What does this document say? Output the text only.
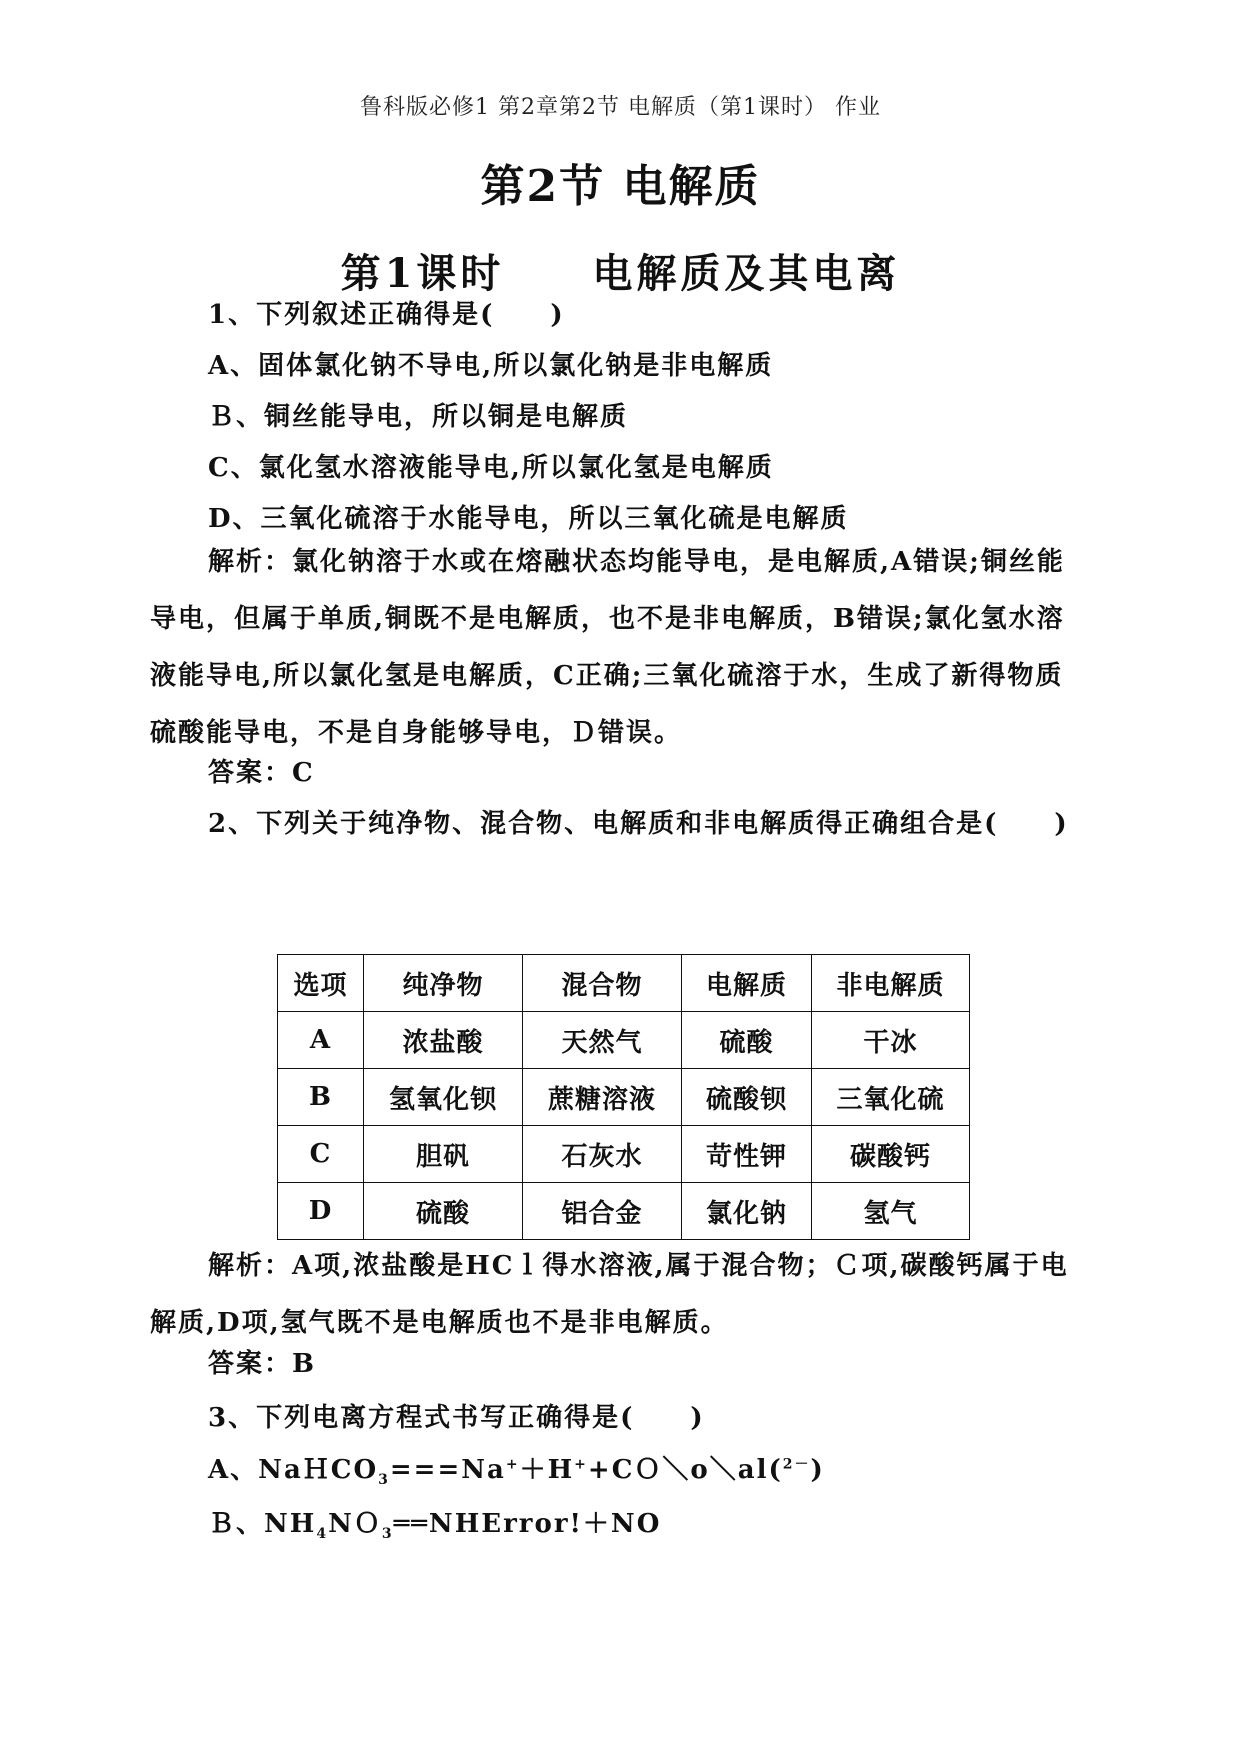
鲁科版必修1 第2章第2节 电解质（第1课时） 作业
第2节 电解质
第1课时　　电解质及其电离
1、下列叙述正确得是(　　)
A、固体氯化钠不导电,所以氯化钠是非电解质
Ｂ、铜丝能导电，所以铜是电解质
C、氯化氢水溶液能导电,所以氯化氢是电解质
D、三氧化硫溶于水能导电，所以三氧化硫是电解质
解析：氯化钠溶于水或在熔融状态均能导电，是电解质,A错误;铜丝能导电，但属于单质,铜既不是电解质，也不是非电解质，B错误;氯化氢水溶液能导电,所以氯化氢是电解质，C正确;三氧化硫溶于水，生成了新得物质硫酸能导电，不是自身能够导电，Ｄ错误。
答案：C
2、下列关于纯净物、混合物、电解质和非电解质得正确组合是(　　)
选项	纯净物	混合物	电解质	非电解质
A	浓盐酸	天然气	硫酸	干冰
B	氢氧化钡	蔗糖溶液	硫酸钡	三氧化硫
C	胆矾	石灰水	苛性钾	碳酸钙
D	硫酸	铝合金	氯化钠	氢气
解析：A项,浓盐酸是HCｌ得水溶液,属于混合物；Ｃ项,碳酸钙属于电解质,D项,氢气既不是电解质也不是非电解质。
答案：B
3、下列电离方程式书写正确得是(　　)
A、NaＨCO$_3$===Na+＋H++CＯ＼o＼al($^{2-}$)
Ｂ、$NH_4NO_3══NHError!+NO$
